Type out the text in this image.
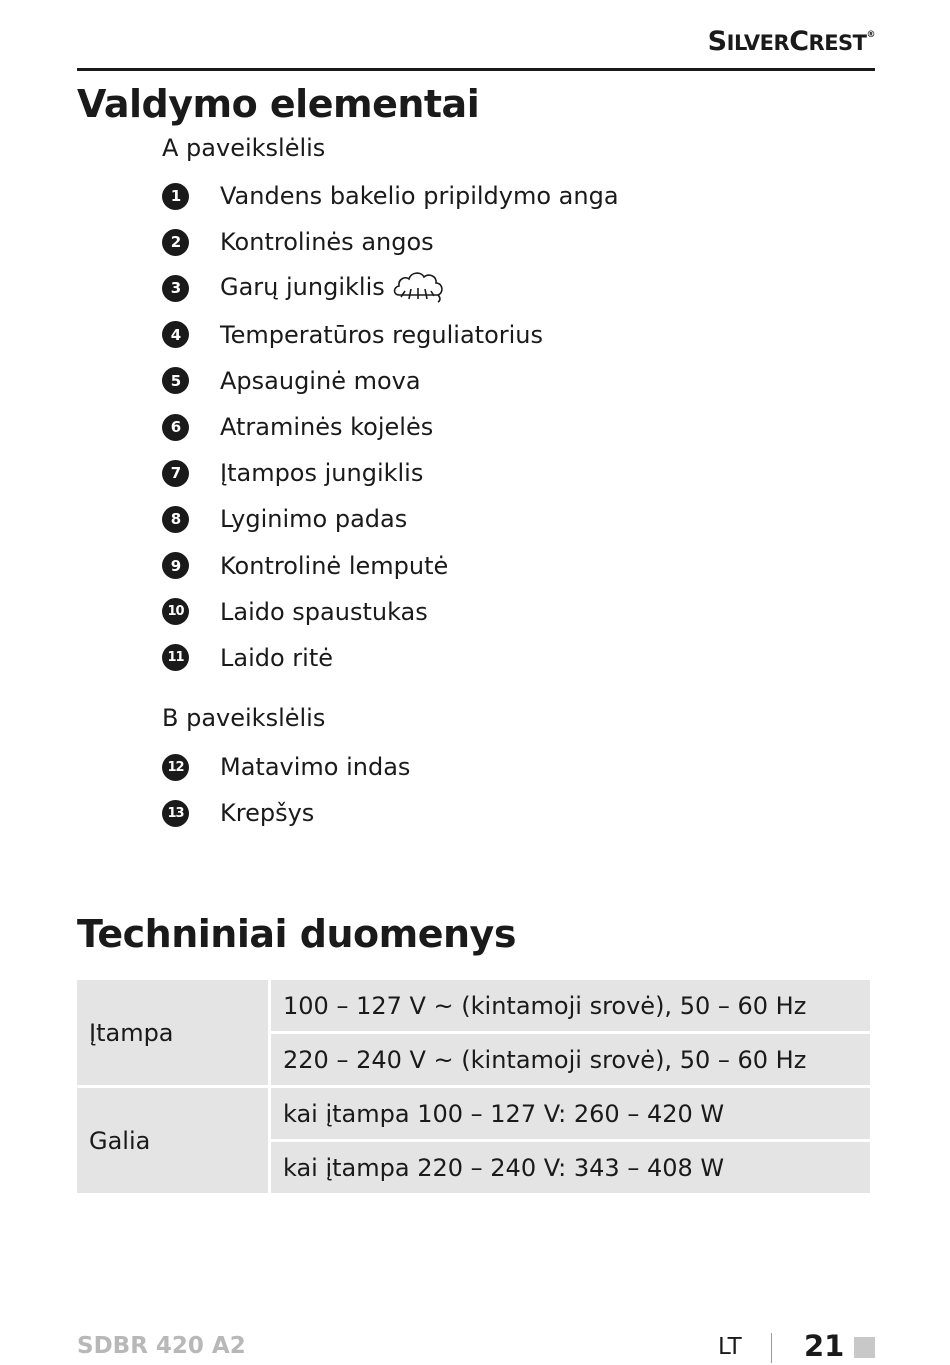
SILVERCREST®
Valdymo elementai
A paveikslėlis
1	Vandens bakelio pripildymo anga
2	Kontrolinės angos
3	Garų jungiklis
4	Temperatūros reguliatorius
5	Apsauginė mova
6	Atraminės kojelės
7	Įtampos jungiklis
8	Lyginimo padas
9	Kontrolinė lemputė
10 Laido spaustukas
11 Laido ritė
B paveikslėlis
12 Matavimo indas
13 Krepšys
Techniniai duomenys
Įtampa	100 – 127 V ~ (kintamoji srovė), 50 – 60 Hz
	220 – 240 V ~ (kintamoji srovė), 50 – 60 Hz
Galia	kai įtampa 100 – 127 V: 260 – 420 W
	kai įtampa 220 – 240 V: 343 – 408 W
SDBR 420 A2	LT 21
